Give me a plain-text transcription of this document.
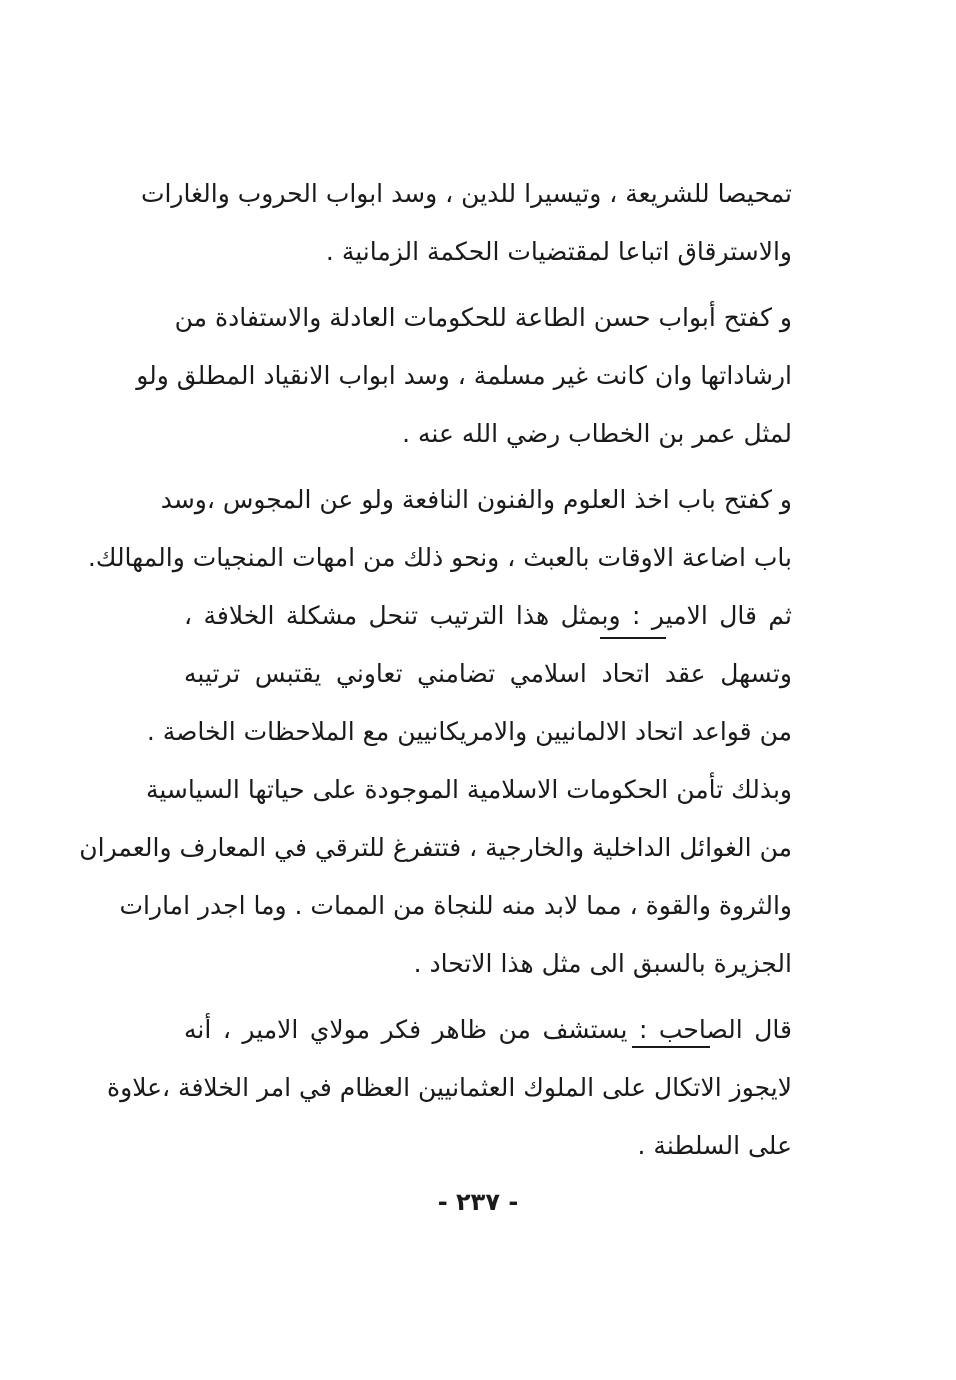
تمحيصا للشريعة ، وتيسيرا للدين ، وسد ابواب الحروب والغارات
والاسترقاق اتباعا لمقتضيات الحكمة الزمانية .
و كفتح أبواب حسن الطاعة للحكومات العادلة والاستفادة من
ارشاداتها وان كانت غير مسلمة ، وسد ابواب الانقياد المطلق ولو
لمثل عمر بن الخطاب رضي الله عنه .
و كفتح باب اخذ العلوم والفنون النافعة ولو عن المجوس ،وسد
باب اضاعة الاوقات بالعبث ، ونحو ذلك من امهات المنجيات والمهالك.
ثم قال الامير : وبمثل هذا الترتيب تنحل مشكلة الخلافة ،
وتسهل عقد اتحاد اسلامي تضامني تعاوني يقتبس ترتيبه
من قواعد اتحاد الالمانيين والامريكانيين مع الملاحظات الخاصة .
وبذلك تأمن الحكومات الاسلامية الموجودة على حياتها السياسية
من الغوائل الداخلية والخارجية ، فتتفرغ للترقي في المعارف والعمران
والثروة والقوة ، مما لابد منه للنجاة من الممات . وما اجدر امارات
الجزيرة بالسبق الى مثل هذا الاتحاد .
قال الصاحب : يستشف من ظاهر فكر مولاي الامير ، أنه
لايجوز الاتكال على الملوك العثمانيين العظام في امر الخلافة ،علاوة
على السلطنة .
- ٢٣٧ -
